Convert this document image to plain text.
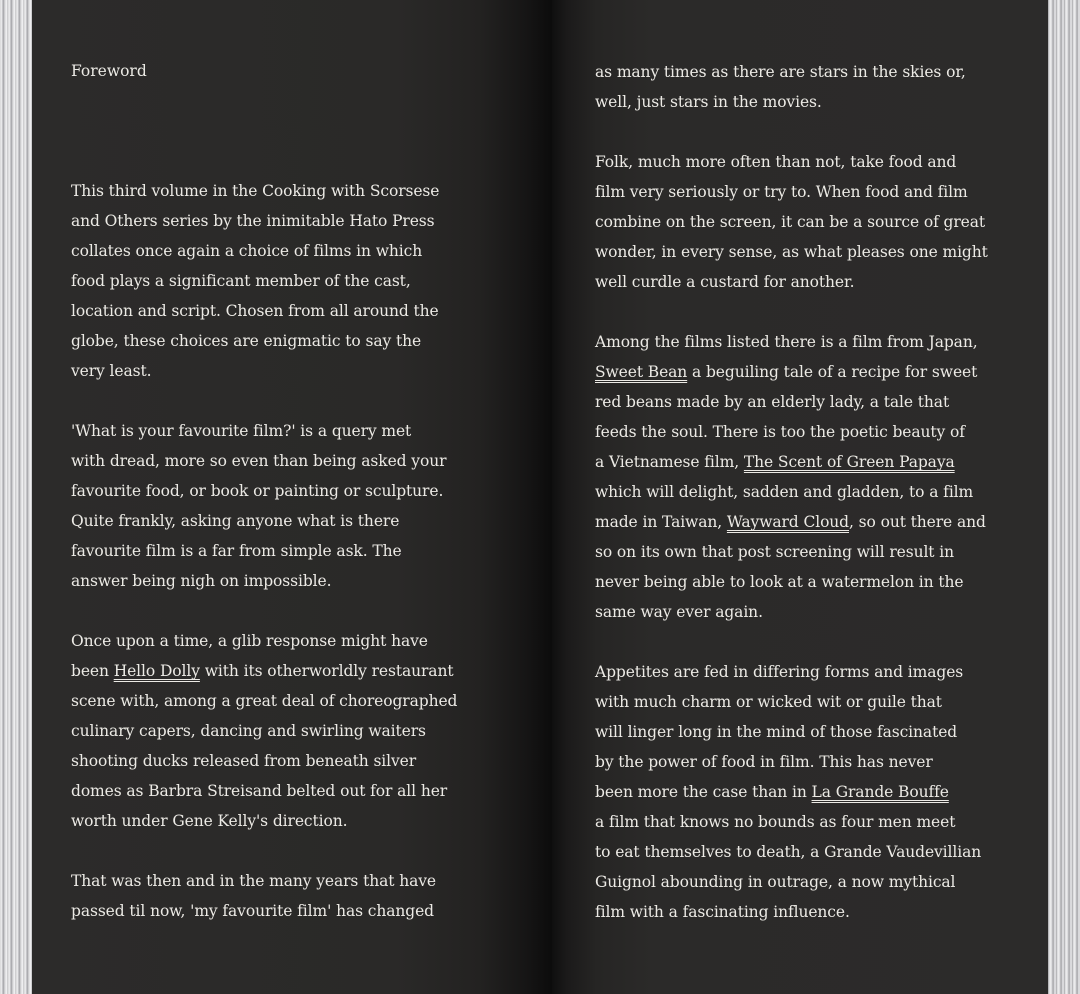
Foreword

This third volume in the Cooking with Scorsese
and Others series by the inimitable Hato Press
collates once again a choice of films in which
food plays a significant member of the cast,
location and script. Chosen from all around the
globe, these choices are enigmatic to say the
very least.

'What is your favourite film?' is a query met
with dread, more so even than being asked your
favourite food, or book or painting or sculpture.
Quite frankly, asking anyone what is there
favourite film is a far from simple ask. The
answer being nigh on impossible.

Once upon a time, a glib response might have
been Hello Dolly with its otherworldly restaurant
scene with, among a great deal of choreographed
culinary capers, dancing and swirling waiters
shooting ducks released from beneath silver
domes as Barbra Streisand belted out for all her
worth under Gene Kelly's direction.

That was then and in the many years that have
passed til now, 'my favourite film' has changed

as many times as there are stars in the skies or,
well, just stars in the movies.

Folk, much more often than not, take food and
film very seriously or try to. When food and film
combine on the screen, it can be a source of great
wonder, in every sense, as what pleases one might
well curdle a custard for another.

Among the films listed there is a film from Japan,
Sweet Bean a beguiling tale of a recipe for sweet
red beans made by an elderly lady, a tale that
feeds the soul. There is too the poetic beauty of
a Vietnamese film, The Scent of Green Papaya
which will delight, sadden and gladden, to a film
made in Taiwan, Wayward Cloud, so out there and
so on its own that post screening will result in
never being able to look at a watermelon in the
same way ever again.

Appetites are fed in differing forms and images
with much charm or wicked wit or guile that
will linger long in the mind of those fascinated
by the power of food in film. This has never
been more the case than in La Grande Bouffe
a film that knows no bounds as four men meet
to eat themselves to death, a Grande Vaudevillian
Guignol abounding in outrage, a now mythical
film with a fascinating influence.
